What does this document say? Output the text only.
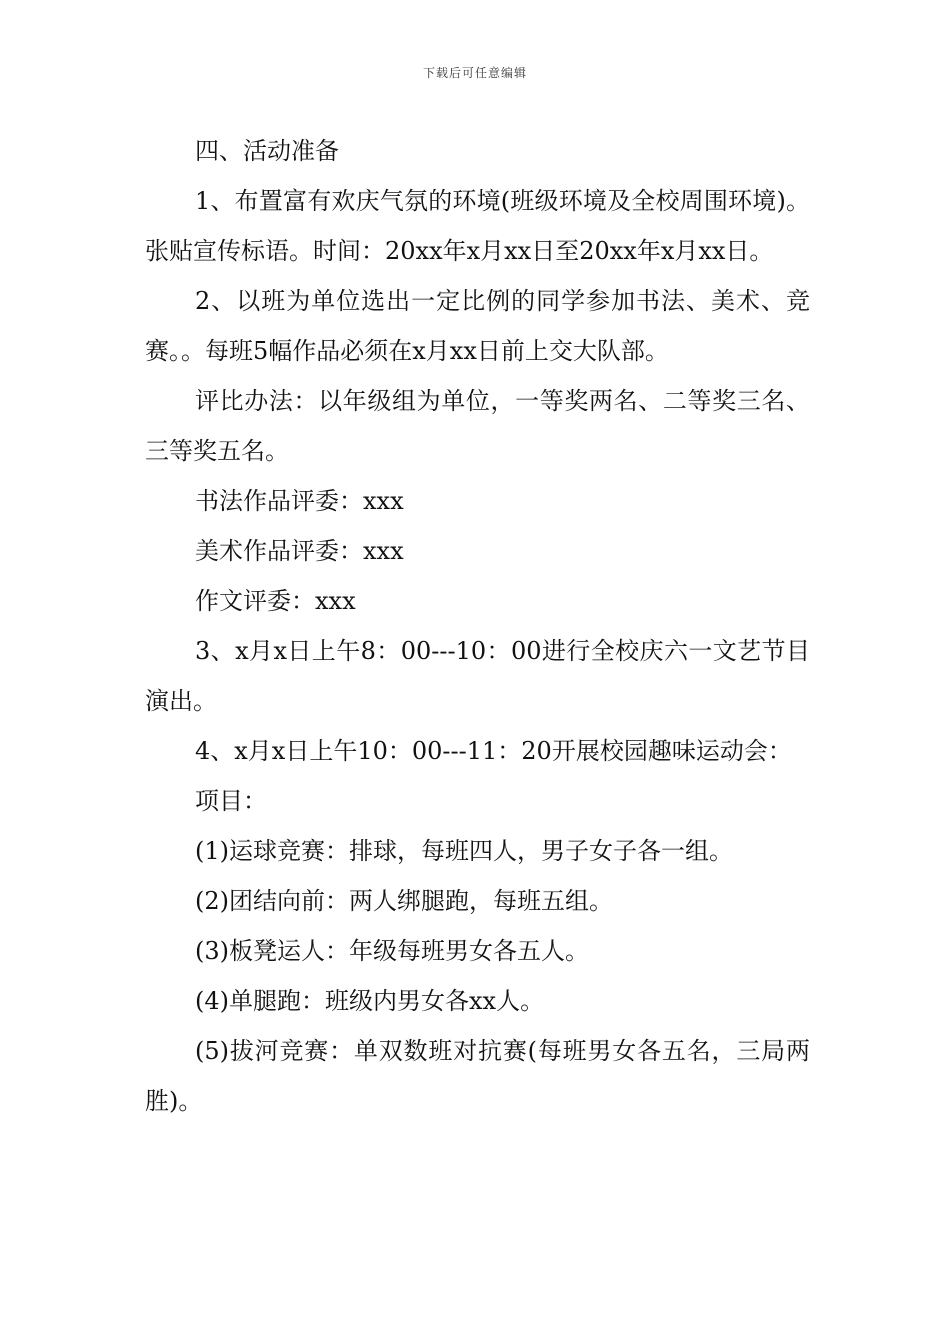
下载后可任意编辑

四、活动准备

1、布置富有欢庆气氛的环境(班级环境及全校周围环境)。张贴宣传标语。时间：20xx年x月xx日至20xx年x月xx日。

2、以班为单位选出一定比例的同学参加书法、美术、竞赛。。每班5幅作品必须在x月xx日前上交大队部。

评比办法：以年级组为单位，一等奖两名、二等奖三名、三等奖五名。

书法作品评委：xxx

美术作品评委：xxx

作文评委：xxx

3、x月x日上午8：00---10：00进行全校庆六一文艺节目演出。

4、x月x日上午10：00---11：20开展校园趣味运动会：

项目：

(1)运球竞赛：排球，每班四人，男子女子各一组。

(2)团结向前：两人绑腿跑，每班五组。

(3)板凳运人：年级每班男女各五人。

(4)单腿跑：班级内男女各xx人。

(5)拔河竞赛：单双数班对抗赛(每班男女各五名，三局两胜)。
